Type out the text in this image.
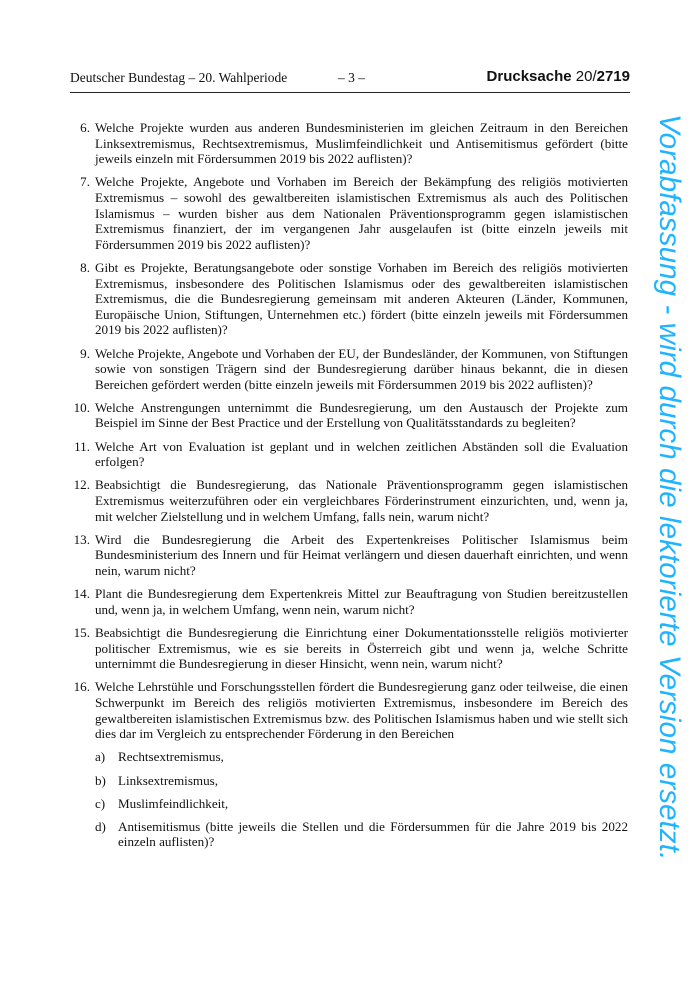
Deutscher Bundestag – 20. Wahlperiode	– 3 –	Drucksache 20/2719
6. Welche Projekte wurden aus anderen Bundesministerien im gleichen Zeitraum in den Bereichen Linksextremismus, Rechtsextremismus, Muslimfeindlichkeit und Antisemitismus gefördert (bitte jeweils einzeln mit Fördersummen 2019 bis 2022 auflisten)?
7. Welche Projekte, Angebote und Vorhaben im Bereich der Bekämpfung des religiös motivierten Extremismus – sowohl des gewaltbereiten islamistischen Extremismus als auch des Politischen Islamismus – wurden bisher aus dem Nationalen Präventionsprogramm gegen islamistischen Extremismus finanziert, der im vergangenen Jahr ausgelaufen ist (bitte einzeln jeweils mit Fördersummen 2019 bis 2022 auflisten)?
8. Gibt es Projekte, Beratungsangebote oder sonstige Vorhaben im Bereich des religiös motivierten Extremismus, insbesondere des Politischen Islamismus oder des gewaltbereiten islamistischen Extremismus, die die Bundesregierung gemeinsam mit anderen Akteuren (Länder, Kommunen, Europäische Union, Stiftungen, Unternehmen etc.) fördert (bitte einzeln jeweils mit Fördersummen 2019 bis 2022 auflisten)?
9. Welche Projekte, Angebote und Vorhaben der EU, der Bundesländer, der Kommunen, von Stiftungen sowie von sonstigen Trägern sind der Bundesregierung darüber hinaus bekannt, die in diesen Bereichen gefördert werden (bitte einzeln jeweils mit Fördersummen 2019 bis 2022 auflisten)?
10. Welche Anstrengungen unternimmt die Bundesregierung, um den Austausch der Projekte zum Beispiel im Sinne der Best Practice und der Erstellung von Qualitätsstandards zu begleiten?
11. Welche Art von Evaluation ist geplant und in welchen zeitlichen Abständen soll die Evaluation erfolgen?
12. Beabsichtigt die Bundesregierung, das Nationale Präventionsprogramm gegen islamistischen Extremismus weiterzuführen oder ein vergleichbares Förderinstrument einzurichten, und, wenn ja, mit welcher Zielstellung und in welchem Umfang, falls nein, warum nicht?
13. Wird die Bundesregierung die Arbeit des Expertenkreises Politischer Islamismus beim Bundesministerium des Innern und für Heimat verlängern und diesen dauerhaft einrichten, und wenn nein, warum nicht?
14. Plant die Bundesregierung dem Expertenkreis Mittel zur Beauftragung von Studien bereitzustellen und, wenn ja, in welchem Umfang, wenn nein, warum nicht?
15. Beabsichtigt die Bundesregierung die Einrichtung einer Dokumentationsstelle religiös motivierter politischer Extremismus, wie es sie bereits in Österreich gibt und wenn ja, welche Schritte unternimmt die Bundesregierung in dieser Hinsicht, wenn nein, warum nicht?
16. Welche Lehrstühle und Forschungsstellen fördert die Bundesregierung ganz oder teilweise, die einen Schwerpunkt im Bereich des religiös motivierten Extremismus, insbesondere im Bereich des gewaltbereiten islamistischen Extremismus bzw. des Politischen Islamismus haben und wie stellt sich dies dar im Vergleich zu entsprechender Förderung in den Bereichen
a) Rechtsextremismus,
b) Linksextremismus,
c) Muslimfeindlichkeit,
d) Antisemitismus (bitte jeweils die Stellen und die Fördersummen für die Jahre 2019 bis 2022 einzeln auflisten)?	Vorabfassung - wird durch die lektorierte Version ersetzt.
